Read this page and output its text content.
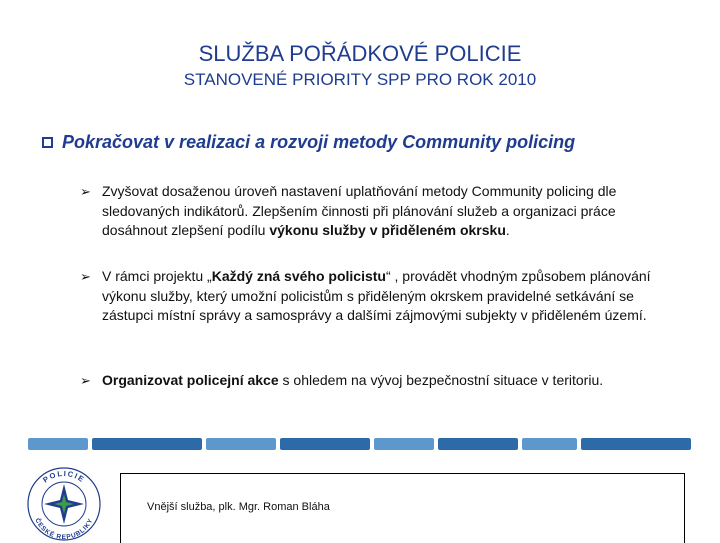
SLUŽBA POŘÁDKOVÉ POLICIE
STANOVENÉ PRIORITY SPP PRO ROK 2010
Pokračovat v realizaci a rozvoji metody Community policing
➢ Zvyšovat dosaženou úroveň nastavení uplatňování metody Community policing dle sledovaných indikátorů. Zlepšením činnosti při plánování služeb a organizaci práce dosáhnout zlepšení podílu výkonu služby v přiděleném okrsku.
➢ V rámci projektu „Každý zná svého policistu“ , provádět vhodným způsobem plánování výkonu služby, který umožní policistům s přiděleným okrskem pravidelné setkávání se zástupci místní správy a samosprávy a dalšími zájmovými subjekty v přiděleném území.
➢ Organizovat policejní akce s ohledem na vývoj bezpečnostní situace v teritoriu.
POLICIE
ČESKÉ REPUBLIKY
Vnější služba, plk. Mgr. Roman Bláha
